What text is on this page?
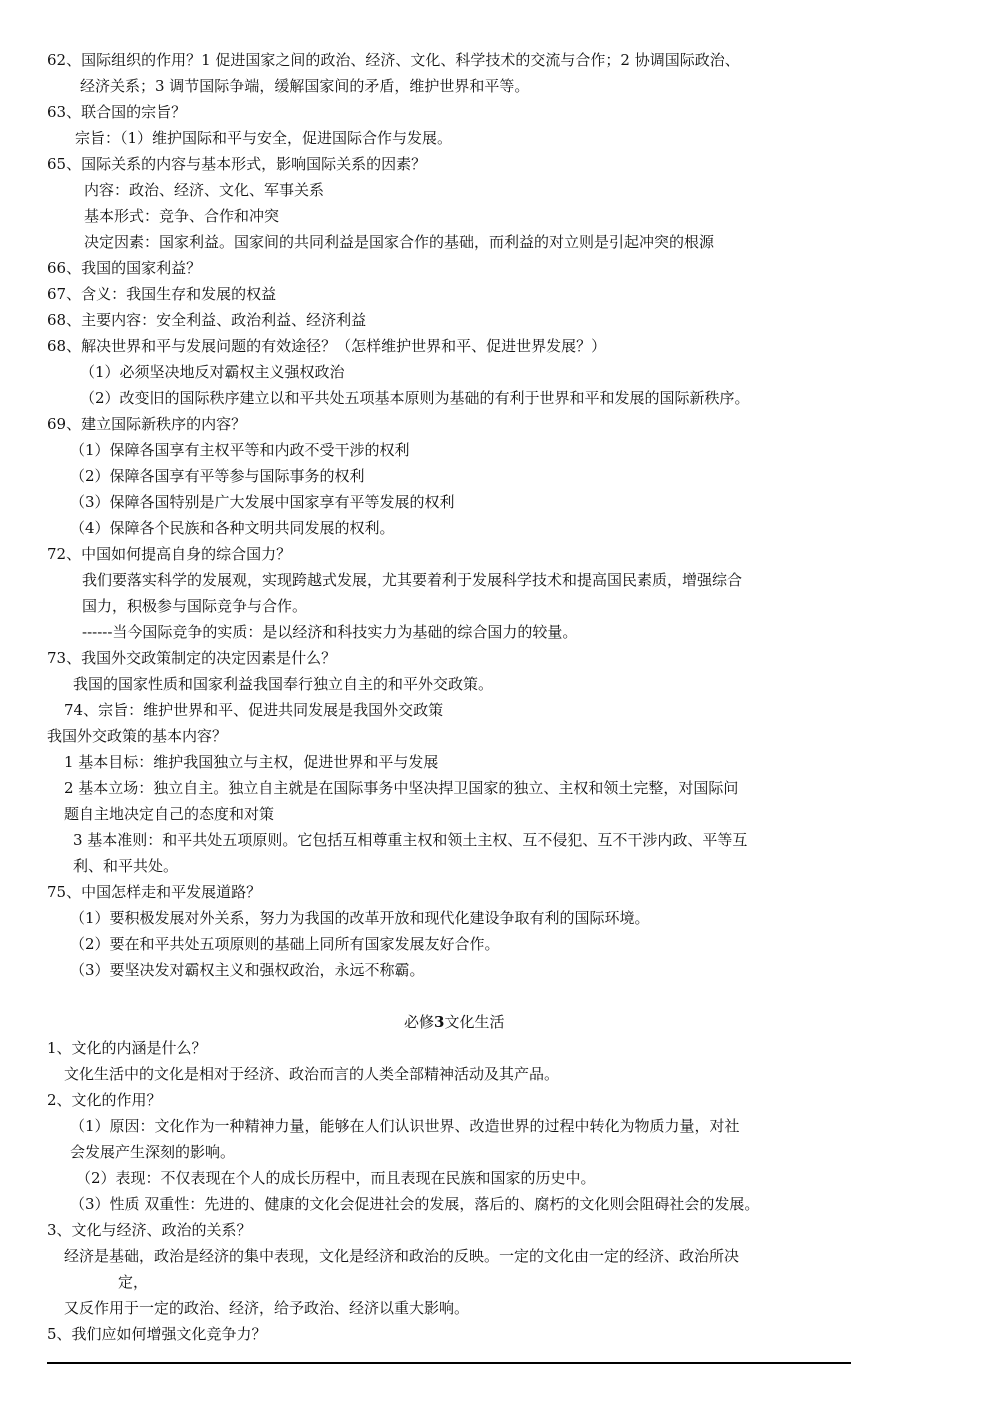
62、国际组织的作用？1 促进国家之间的政治、经济、文化、科学技术的交流与合作；2 协调国际政治、
经济关系；3 调节国际争端，缓解国家间的矛盾，维护世界和平等。
63、联合国的宗旨？
宗旨：（1）维护国际和平与安全，促进国际合作与发展。
65、国际关系的内容与基本形式，影响国际关系的因素？
内容：政治、经济、文化、军事关系
基本形式：竞争、合作和冲突
决定因素：国家利益。国家间的共同利益是国家合作的基础，而利益的对立则是引起冲突的根源
66、我国的国家利益？
67、含义：我国生存和发展的权益
68、主要内容：安全利益、政治利益、经济利益
68、解决世界和平与发展问题的有效途径？（怎样维护世界和平、促进世界发展？）
（1）必须坚决地反对霸权主义强权政治
（2）改变旧的国际秩序建立以和平共处五项基本原则为基础的有利于世界和平和发展的国际新秩序。
69、建立国际新秩序的内容？
（1）保障各国享有主权平等和内政不受干涉的权利
（2）保障各国享有平等参与国际事务的权利
（3）保障各国特别是广大发展中国家享有平等发展的权利
（4）保障各个民族和各种文明共同发展的权利。
72、中国如何提高自身的综合国力？
我们要落实科学的发展观，实现跨越式发展，尤其要着利于发展科学技术和提高国民素质，增强综合
国力，积极参与国际竞争与合作。
------当今国际竞争的实质：是以经济和科技实力为基础的综合国力的较量。
73、我国外交政策制定的决定因素是什么？
我国的国家性质和国家利益我国奉行独立自主的和平外交政策。
74、宗旨：维护世界和平、促进共同发展是我国外交政策
我国外交政策的基本内容？
1 基本目标：维护我国独立与主权，促进世界和平与发展
2 基本立场：独立自主。独立自主就是在国际事务中坚决捍卫国家的独立、主权和领土完整，对国际问
题自主地决定自己的态度和对策
3 基本准则：和平共处五项原则。它包括互相尊重主权和领土主权、互不侵犯、互不干涉内政、平等互
利、和平共处。
75、中国怎样走和平发展道路？
（1）要积极发展对外关系，努力为我国的改革开放和现代化建设争取有利的国际环境。
（2）要在和平共处五项原则的基础上同所有国家发展友好合作。
（3）要坚决发对霸权主义和强权政治，永远不称霸。
必修3文化生活
1、文化的内涵是什么？
文化生活中的文化是相对于经济、政治而言的人类全部精神活动及其产品。
2、文化的作用？
（1）原因：文化作为一种精神力量，能够在人们认识世界、改造世界的过程中转化为物质力量，对社
会发展产生深刻的影响。
（2）表现：不仅表现在个人的成长历程中，而且表现在民族和国家的历史中。
（3）性质 双重性：先进的、健康的文化会促进社会的发展，落后的、腐朽的文化则会阻碍社会的发展。
3、文化与经济、政治的关系？
经济是基础，政治是经济的集中表现，文化是经济和政治的反映。一定的文化由一定的经济、政治所决
定，
又反作用于一定的政治、经济，给予政治、经济以重大影响。
5、我们应如何增强文化竞争力？
